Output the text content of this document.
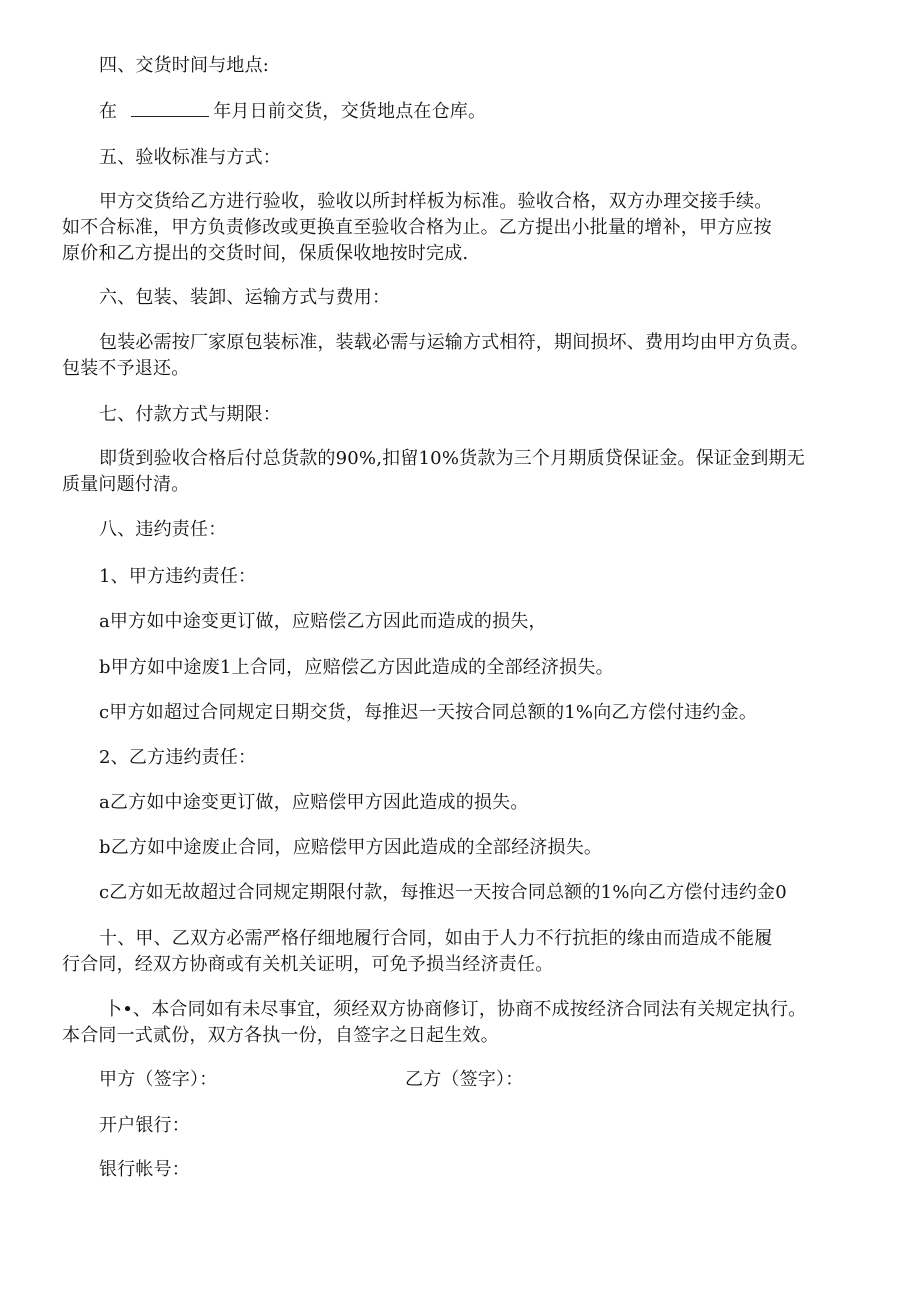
四、交货时间与地点:
在	年月日前交货，交货地点在仓库。
五、验收标准与方式：
甲方交货给乙方进行验收，验收以所封样板为标准。验收合格，双方办理交接手续。
如不合标准，甲方负责修改或更换直至验收合格为止。乙方提出小批量的增补，甲方应按
原价和乙方提出的交货时间，保质保收地按时完成.
六、包装、装卸、运输方式与费用：
包装必需按厂家原包装标准，装载必需与运输方式相符，期间损坏、费用均由甲方负责。
包装不予退还。
七、付款方式与期限：
即货到验收合格后付总货款的90%,扣留10%货款为三个月期质贷保证金。保证金到期无
质量问题付清。
八、违约责任：
1、甲方违约责任：
a甲方如中途变更订做，应赔偿乙方因此而造成的损失，
b甲方如中途废1上合同，应赔偿乙方因此造成的全部经济损失。
c甲方如超过合同规定日期交货，每推迟一天按合同总额的1%向乙方偿付违约金。
2、乙方违约责任：
a乙方如中途变更订做，应赔偿甲方因此造成的损失。
b乙方如中途废止合同，应赔偿甲方因此造成的全部经济损失。
c乙方如无故超过合同规定期限付款，每推迟一天按合同总额的1%向乙方偿付违约金0
十、甲、乙双方必需严格仔细地履行合同，如由于人力不行抗拒的缘由而造成不能履
行合同，经双方协商或有关机关证明，可免予损当经济责任。
卜•、本合同如有未尽事宜，须经双方协商修订，协商不成按经济合同法有关规定执行。
本合同一式贰份，双方各执一份，自签字之日起生效。
甲方（签字）：	乙方（签字）：
开户银行：
银行帐号：
